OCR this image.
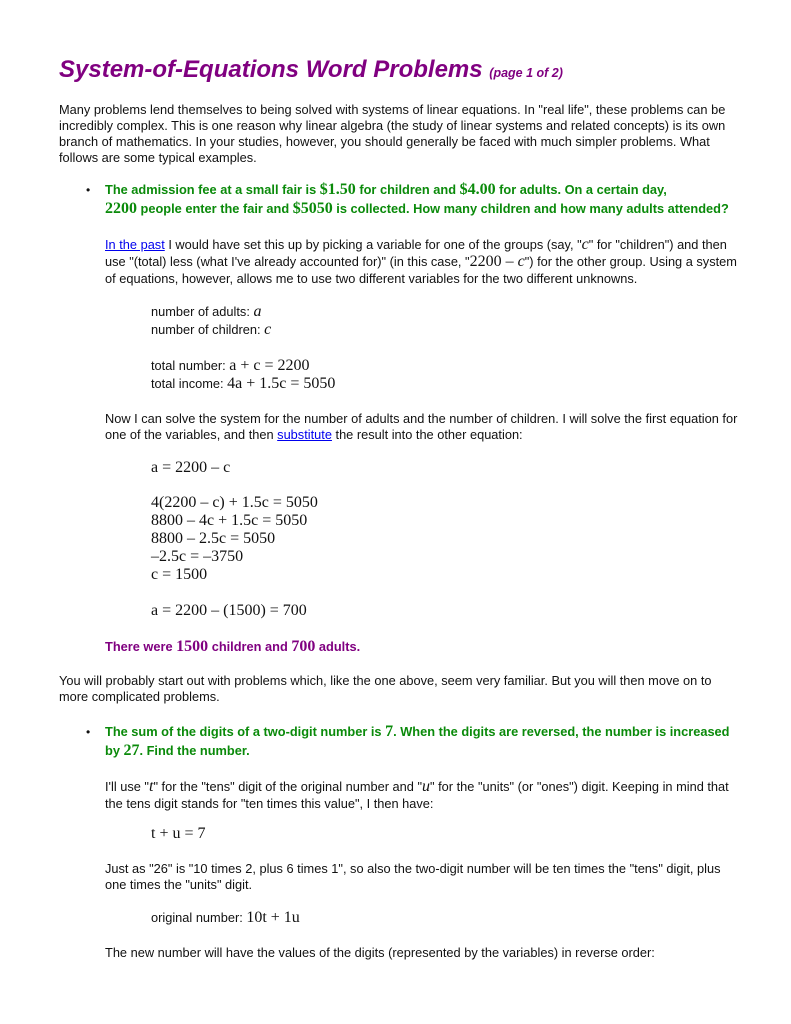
System-of-Equations Word Problems (page 1 of 2)
Many problems lend themselves to being solved with systems of linear equations. In "real life", these problems can be
incredibly complex. This is one reason why linear algebra (the study of linear systems and related concepts) is its own
branch of mathematics. In your studies, however, you should generally be faced with much simpler problems. What
follows are some typical examples.
• The admission fee at a small fair is $1.50 for children and $4.00 for adults. On a certain day,
2200 people enter the fair and $5050 is collected. How many children and how many adults attended?
In the past I would have set this up by picking a variable for one of the groups (say, "c" for "children") and then
use "(total) less (what I've already accounted for)" (in this case, "2200 – c") for the other group. Using a system
of equations, however, allows me to use two different variables for the two different unknowns.
number of adults: a
number of children: c
total number: a + c = 2200
total income: 4a + 1.5c = 5050
Now I can solve the system for the number of adults and the number of children. I will solve the first equation for
one of the variables, and then substitute the result into the other equation:
a = 2200 – c
4(2200 – c) + 1.5c = 5050
8800 – 4c + 1.5c = 5050
8800 – 2.5c = 5050
–2.5c = –3750
c = 1500
a = 2200 – (1500) = 700
There were 1500 children and 700 adults.
You will probably start out with problems which, like the one above, seem very familiar. But you will then move on to
more complicated problems.
• The sum of the digits of a two-digit number is 7. When the digits are reversed, the number is increased
by 27. Find the number.
I'll use "t" for the "tens" digit of the original number and "u" for the "units" (or "ones") digit. Keeping in mind that
the tens digit stands for "ten times this value", I then have:
t + u = 7
Just as "26" is "10 times 2, plus 6 times 1", so also the two-digit number will be ten times the "tens" digit, plus
one times the "units" digit.
original number: 10t + 1u
The new number will have the values of the digits (represented by the variables) in reverse order:
